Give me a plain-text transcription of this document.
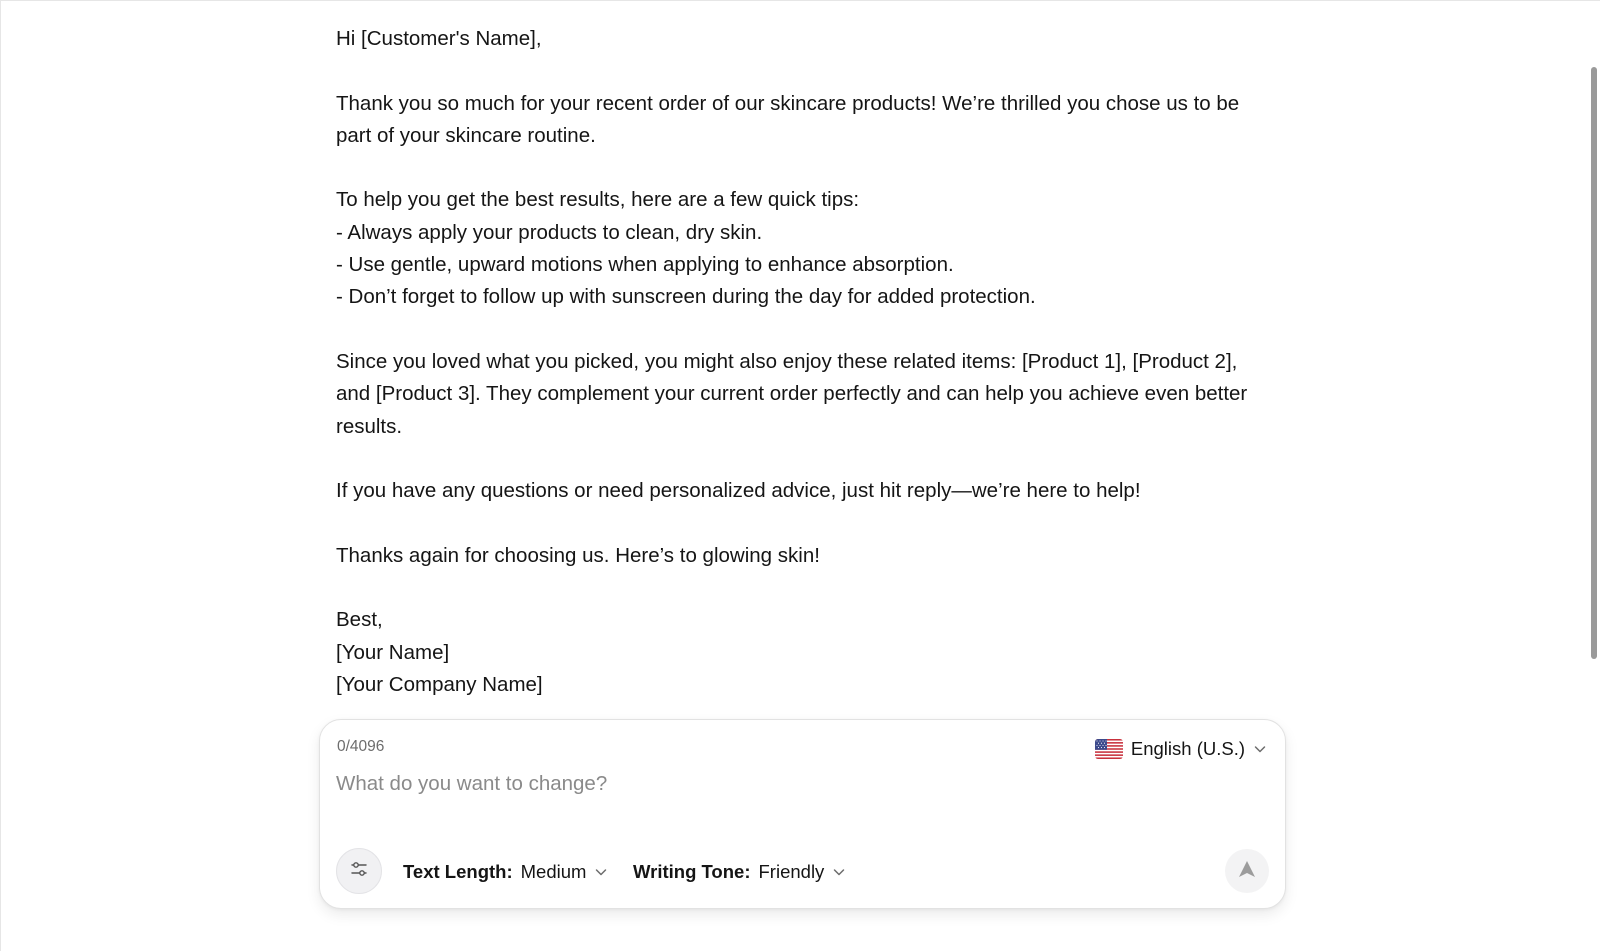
Hi [Customer's Name],

Thank you so much for your recent order of our skincare products! We’re thrilled you chose us to be

part of your skincare routine.

To help you get the best results, here are a few quick tips:

- Always apply your products to clean, dry skin.

- Use gentle, upward motions when applying to enhance absorption.

- Don’t forget to follow up with sunscreen during the day for added protection.

Since you loved what you picked, you might also enjoy these related items: [Product 1], [Product 2],

and [Product 3]. They complement your current order perfectly and can help you achieve even better

results.

If you have any questions or need personalized advice, just hit reply—we’re here to help!

Thanks again for choosing us. Here’s to glowing skin!

Best,

[Your Name]

[Your Company Name]

0/4096	English (U.S.)
What do you want to change?
Text Length: Medium	Writing Tone: Friendly
